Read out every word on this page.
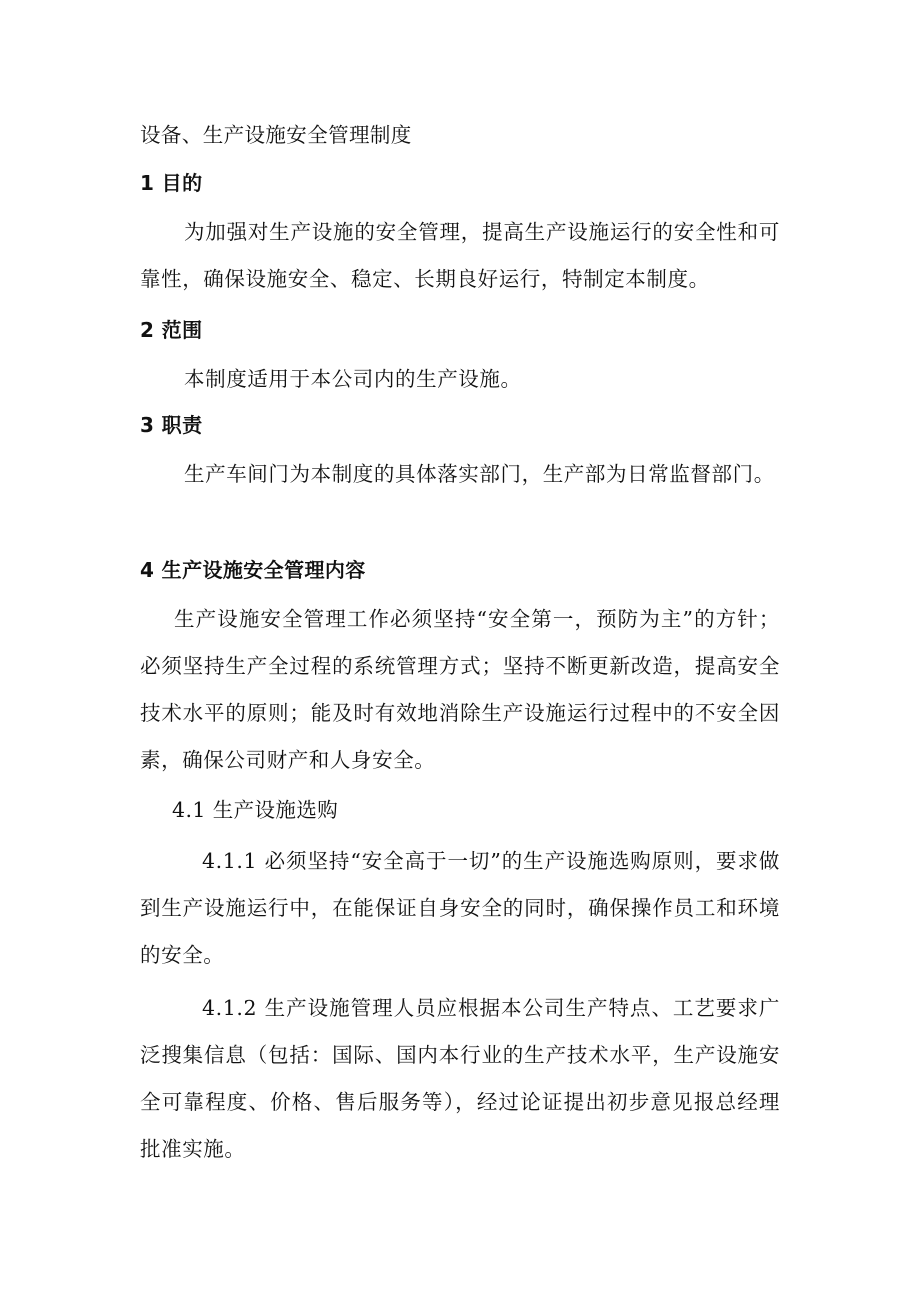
设备、生产设施安全管理制度

1 目的

为加强对生产设施的安全管理，提高生产设施运行的安全性和可靠性，确保设施安全、稳定、长期良好运行，特制定本制度。

2 范围

本制度适用于本公司内的生产设施。

3 职责

生产车间门为本制度的具体落实部门，生产部为日常监督部门。

4 生产设施安全管理内容

生产设施安全管理工作必须坚持“安全第一，预防为主”的方针；必须坚持生产全过程的系统管理方式；坚持不断更新改造，提高安全技术水平的原则；能及时有效地消除生产设施运行过程中的不安全因素，确保公司财产和人身安全。

4.1 生产设施选购

4.1.1 必须坚持“安全高于一切”的生产设施选购原则，要求做到生产设施运行中，在能保证自身安全的同时，确保操作员工和环境的安全。

4.1.2 生产设施管理人员应根据本公司生产特点、工艺要求广泛搜集信息（包括：国际、国内本行业的生产技术水平，生产设施安全可靠程度、价格、售后服务等），经过论证提出初步意见报总经理批准实施。
